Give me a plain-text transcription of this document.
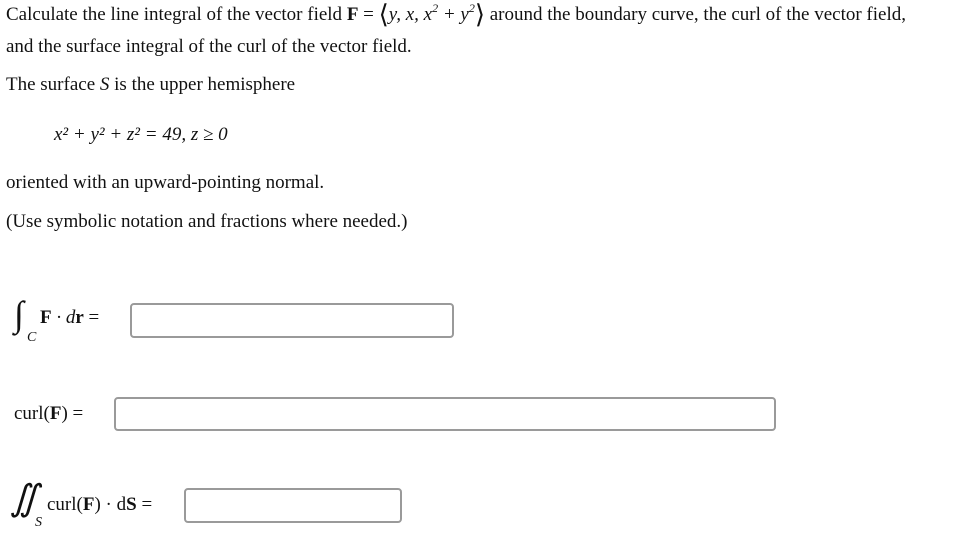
Calculate the line integral of the vector field F = ⟨y, x, $x^2$ + $y^2⟩$ around the boundary curve, the curl of the vector field,
and the surface integral of the curl of the vector field.
The surface S is the upper hemisphere
x² + y² + z² = 49, z ≥ 0
oriented with an upward-pointing normal.
(Use symbolic notation and fractions where needed.)
∫
C
F · dr =
curl(F) =
∬
S
curl(F) · dS =
